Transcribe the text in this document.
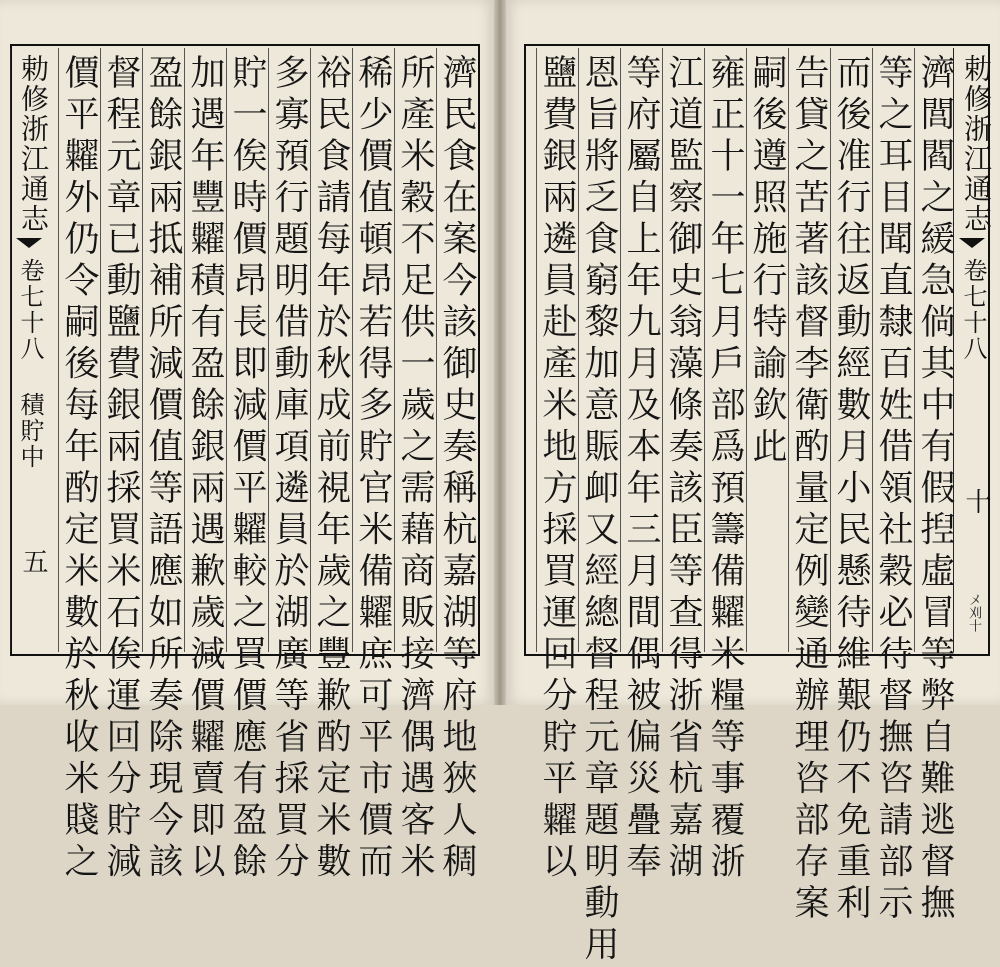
濟民食在案今該御史奏稱杭嘉湖等府地狹人稠
所產米穀不足供一歲之需藉商販接濟偶遇客米
稀少價值頓昂若得多貯官米備糶庶可平市價而
裕民食請每年於秋成前視年歲之豐歉酌定米數
多寡預行題明借動庫項遴員於湖廣等省採買分
貯一俟時價昂長即減價平糶較之買價應有盈餘
加遇年豐糶積有盈餘銀兩遇歉歲減價糶賣即以
盈餘銀兩抵補所減價值等語應如所奏除現今該
督程元章已動鹽費銀兩採買米石俟運回分貯減
價平糶外仍令嗣後每年酌定米數於秋收米賤之
勅修浙江通志
卷七十八 積貯中
五	濟閭閻之緩急倘其中有假揑虛冒等弊自難逃督撫
等之耳目聞直隸百姓借領社穀必待督撫咨請部示
而後准行往返動經數月小民懸待維艱仍不免重利
告貸之苦著該督李衛酌量定例變通辦理咨部存案
嗣後遵照施行特諭欽此
雍正十一年七月戶部爲預籌備糶米糧等事覆浙
江道監察御史翁藻條奏該臣等查得浙省杭嘉湖
等府屬自上年九月及本年三月間偶被偏災疊奉
恩旨將乏食窮黎加意賑卹又經總督程元章題明動用
鹽費銀兩遴員赴產米地方採買運回分貯平糶以	勅修浙江通志
卷七十八
十
メ刈十
